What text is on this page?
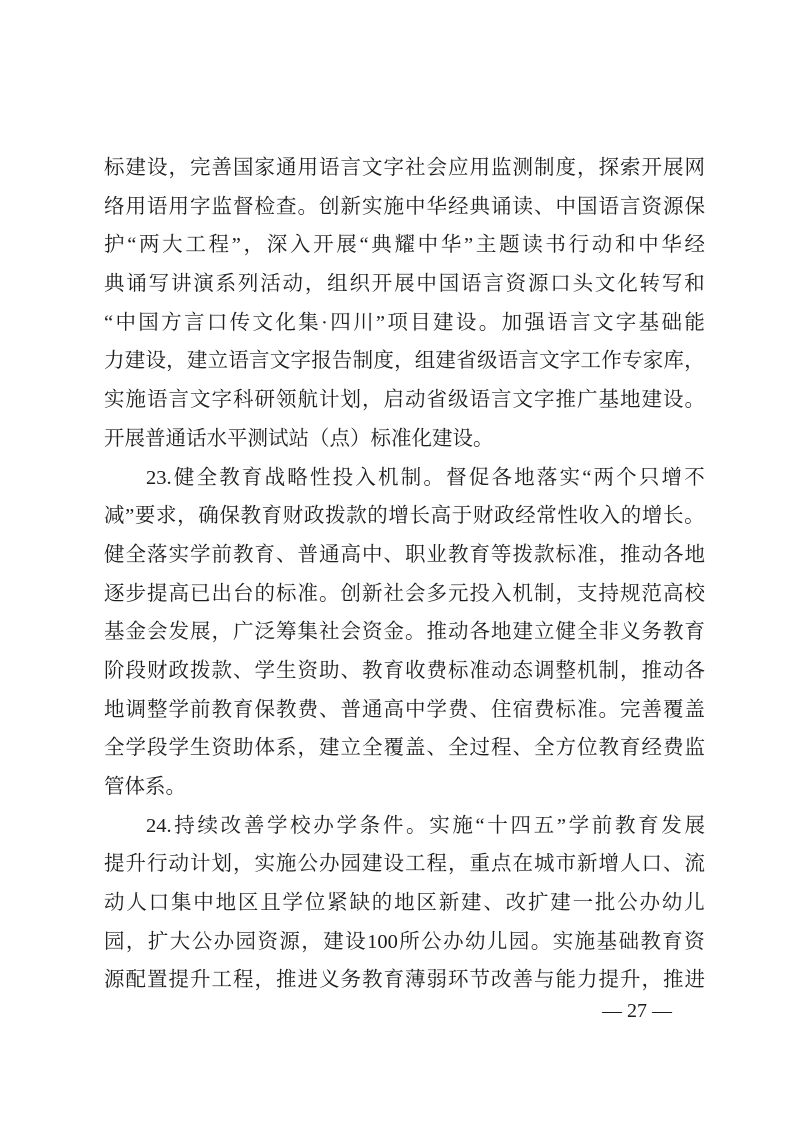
标 建 设 ， 完 善 国 家 通 用 语 言 文 字 社 会 应 用 监 测 制 度 ， 探 索 开 展 网
络 用 语 用 字 监 督 检 查 。 创 新 实 施 中 华 经 典 诵 读 、 中 国 语 言 资 源 保
护 “ 两 大 工 程 ” ， 深 入 开 展 “ 典 耀 中 华 ” 主 题 读 书 行 动 和 中 华 经
典 诵 写 讲 演 系 列 活 动 ， 组 织 开 展 中 国 语 言 资 源 口 头 文 化 转 写 和
“ 中 国 方 言 口 传 文 化 集 · 四 川 ” 项 目 建 设 。 加 强 语 言 文 字 基 础 能
力 建 设 ， 建 立 语 言 文 字 报 告 制 度 ， 组 建 省 级 语 言 文 字 工 作 专 家 库 ，
实 施 语 言 文 字 科 研 领 航 计 划 ， 启 动 省 级 语 言 文 字 推 广 基 地 建 设 。
开展普通话水平测试站（点）标准化建设。
23. 健 全 教 育 战 略 性 投 入 机 制 。 督 促 各 地 落 实 “ 两 个 只 增 不
减 ” 要 求 ， 确 保 教 育 财 政 拨 款 的 增 长 高 于 财 政 经 常 性 收 入 的 增 长 。
健 全 落 实 学 前 教 育 、 普 通 高 中 、 职 业 教 育 等 拨 款 标 准 ， 推 动 各 地
逐 步 提 高 已 出 台 的 标 准 。 创 新 社 会 多 元 投 入 机 制 ， 支 持 规 范 高 校
基 金 会 发 展 ， 广 泛 筹 集 社 会 资 金 。 推 动 各 地 建 立 健 全 非 义 务 教 育
阶 段 财 政 拨 款 、 学 生 资 助 、 教 育 收 费 标 准 动 态 调 整 机 制 ， 推 动 各
地 调 整 学 前 教 育 保 教 费 、 普 通 高 中 学 费 、 住 宿 费 标 准 。 完 善 覆 盖
全 学 段 学 生 资 助 体 系 ， 建 立 全 覆 盖 、 全 过 程 、 全 方 位 教 育 经 费 监
管体系。
24. 持 续 改 善 学 校 办 学 条 件 。 实 施 “ 十 四 五 ” 学 前 教 育 发 展
提 升 行 动 计 划 ， 实 施 公 办 园 建 设 工 程 ， 重 点 在 城 市 新 增 人 口 、 流
动 人 口 集 中 地 区 且 学 位 紧 缺 的 地 区 新 建 、 改 扩 建 一 批 公 办 幼 儿
园 ， 扩 大 公 办 园 资 源 ， 建 设 100 所 公 办 幼 儿 园 。 实 施 基 础 教 育 资
源 配 置 提 升 工 程 ， 推 进 义 务 教 育 薄 弱 环 节 改 善 与 能 力 提 升 ， 推 进
— 27 —
